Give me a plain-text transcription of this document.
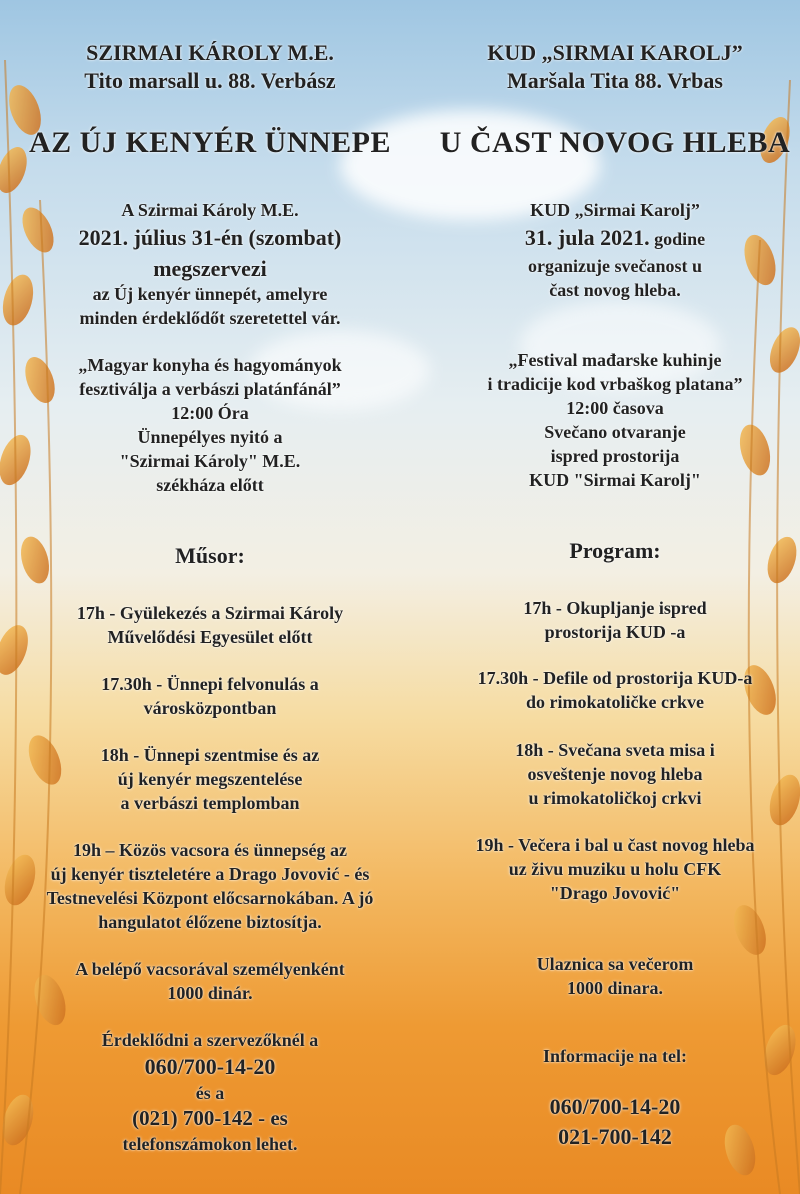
SZIRMAI KÁROLY M.E.
Tito marsall u. 88. Verbász
AZ ÚJ KENYÉR ÜNNEPE
A Szirmai Károly M.E.
2021. július 31-én (szombat)
megszervezi
az Új kenyér ünnepét, amelyre
minden érdeklődőt szeretettel vár.
„Magyar konyha és hagyományok
fesztiválja a verbászi platánfánál”
12:00 Óra
Ünnepélyes nyitó a
"Szirmai Károly" M.E.
székháza előtt
Műsor:
17h - Gyülekezés a Szirmai Károly
Művelődési Egyesület előtt
17.30h - Ünnepi felvonulás a
városközpontban
18h - Ünnepi szentmise és az
új kenyér megszentelése
a verbászi templomban
19h – Közös vacsora és ünnepség az
új kenyér tiszteletére a Drago Jovović - és
Testnevelési Központ előcsarnokában. A jó
hangulatot élőzene biztosítja.
A belépő vacsorával személyenként
1000 dinár.
Érdeklődni a szervezőknél a
060/700-14-20
és a
(021) 700-142 - es
telefonszámokon lehet.
KUD „SIRMAI KAROLJ”
Maršala Tita 88. Vrbas
U ČAST NOVOG HLEBA
KUD „Sirmai Karolj”
31. jula 2021. godine
organizuje svečanost u
čast novog hleba.
„Festival mađarske kuhinje
i tradicije kod vrbaškog platana”
12:00 časova
Svečano otvaranje
ispred prostorija
KUD "Sirmai Karolj"
Program:
17h - Okupljanje ispred
prostorija KUD -a
17.30h - Defile od prostorija KUD-a
do rimokatoličke crkve
18h - Svečana sveta misa i
osveštenje novog hleba
u rimokatoličkoj crkvi
19h - Večera i bal u čast novog hleba
uz živu muziku u holu CFK
"Drago Jovović"
Ulaznica sa večerom
1000 dinara.
Informacije na tel:
060/700-14-20
021-700-142
